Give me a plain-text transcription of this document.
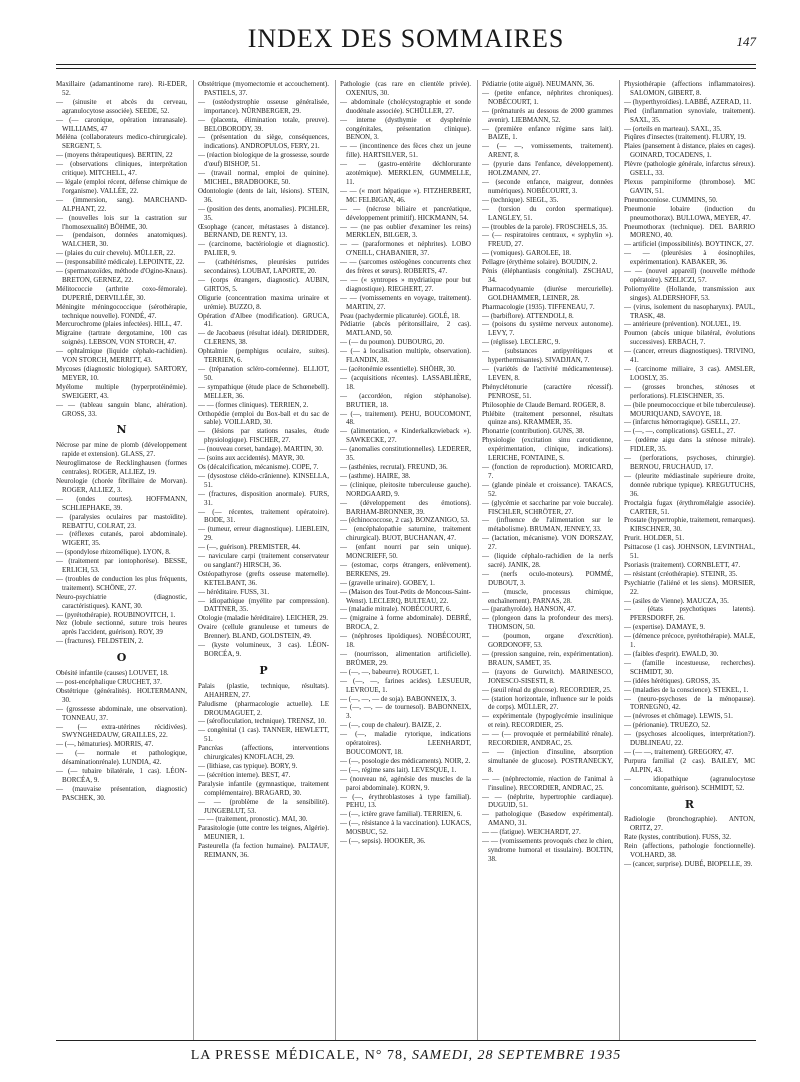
INDEX DES SOMMAIRES	147

Maxillaire (adamantinome rare). Ri-EDER, 52.

— (sinusite et abcès du cerveau, agranulocytose associée). SEEDE, 52.

— (— caronique, opération intranasale). WILLIAMS, 47

Méléna (collaborateurs medico-chirurgicale). SERGENT, 5.

— (moyens thérapeutiques). BERTIN, 22

— (observations cliniques, interprétation critique). MITCHELL, 47.

— légale (emploi récent, défense chimique de l'organisme). VALLÉE, 22.

— (immersion, sang). MARCHAND-ALPHANT, 22.

— (nouvelles lois sur la castration sur l'homosexualité) BÖHME, 30.

— (pendaison, données anatomiques). WALCHER, 30.

— (plaies du cuir chevelu). MÜLLER, 22.

— (responsabilité médicale). LEPOINTE, 22.

— (spermatozoïdes, méthode d'Ogino-Knaus). BRETON, GERNEZ, 22.

Mélitococcie (arthrite coxo-fémorale). DUPERIÉ, DERVILLÉE, 30.

Méningite méningococcique (sérothérapie, technique nouvelle). FONDÉ, 47.

Mercurochrome (plaies infectées). HILL, 47.

Migraine (tartrate dergotamine, 100 cas soignés). LEBSON, VON STORCH, 47.

— ophtalmique (liquide céphalo-rachidien). VON STORCH, MERRITT, 43.

Mycoses (diagnostic biologique). SARTORY, MEYER, 10.

Myélome multiple (hyperprotéinémie). SWEIGERT, 43.

— — (tableau sanguin blanc, altération). GROSS, 33.

N

Nécrose par mine de plomb (développement rapide et extension). GLASS, 27.

Neuroglimatose de Recklinghausen (formes centrales). ROGER, ALLIEZ, 19.

Neurologie (chorée fibrillaire de Morvan). ROGER, ALLIEZ, 3.

— (ondes courtes). HOFFMANN, SCHLIEPHAKE, 39.

— (paralysies oculaires par mastoïdite). REBATTU, COLRAT, 23.

— (réflexes cutanés, paroi abdominale). WIGERT, 35.

— (spondylose rhizomélique). LYON, 8.

— (traitement par iontophorèse). BESSE, ERLICH, 53.

— (troubles de conduction les plus fréquents, traitement). SCHÖNE, 27.

Neuro-psychiatrie (diagnostic, caractéristiques). KANT, 30.

— (pyrétothérapie). ROUBINOVITCH, 1.

Nez (lobule sectionné, suture trois heures après l'accident, guérison). ROY, 39

— (fractures). FELDSTEIN, 2.

O

Obésité infantile (causes) LOUVET, 18.

— post-encéphalique CRUCHET, 37.

Obstétrique (généralités). HOLTERMANN, 30.

— (grossesse abdominale, une observation). TONNEAU, 37.

— (— extra-utérines récidivées). SWYNGHEDAUW, GRAILLES, 22.

— (—, hématuries). MORRIS, 47.

— (— normale et pathologique, désaminationrénale). LUNDIA, 42.

— (— tubaire bilatérale, 1 cas). LÉON-BORCÉA, 9.

— (mauvaise présentation, diagnostic) PASCHEK, 30.

Obstétrique (myomectomie et accouchement). PASTIELS, 37.

— (ostéodystrophie osseuse généralisée, importance). NÜRNBERGER, 29.

— (placenta, élimination totale, preuve). BELOBORODY, 39.

— (présentation du siège, conséquences, indications). ANDROPULOS, FERY, 21.

— (réaction biologique de la grossesse, sourde d'œuf) BISHOP, 51.

— (travail normal, emploi de quinine). MICHEL, BRADBOOKE, 50.

Odontologie (dents de lait, lésions). STEIN, 36.

— (position des dents, anomalies). PICHLER, 35.

Œsophage (cancer, métastases à distance). BERNAND, DE RENTY, 13.

— (carcinome, bactériologie et diagnostic). PALIER, 9.

— (cathétérismes, pleurésies putrides secondaires). LOUBAT, LAPORTE, 20.

— (corps étrangers, diagnostic). AUBIN, GIRTOS, 5.

Oligurie (concentration maxima urinaire et urémie). BUZZO, 8.

Opération d'Albee (modification). GRUCA, 41.

— de Jacobaeus (résultat idéal). DERIDDER, CLERENS, 38.

Ophtalmie (pemphigus oculaire, suites). TERRIEN, 6.

— (trépanation scléro-cornéenne). ELLIOT, 50.

— sympathique (étude place de Schœnebell). MELLER, 36.

— — (formes cliniques). TERRIEN, 2.

Orthopédie (emploi du Box-ball et du sac de sable). VOILLARD, 30.

— (lésions par stations nasales, étude physiologique). FISCHER, 27.

— (nouveau corset, bandage). MARTIN, 30.

— (soins aux accidentés). MAYR, 30.

Os (décalcification, mécanisme). COPE, 7.

— (dysostose cléido-crânienne). KINSELLA, 51.

— (fractures, disposition anormale). FURS, 31.

— (— récentes, traitement opératoire). BODE, 31.

— (tumeur, erreur diagnostique). LIEBLEIN, 29.

— (—, guérison). PREMISTER, 44.

— naviculare carpi (traitement conservateur ou sanglant?) HIRSCH, 36.

Ostéopathyrose (grefts osseuse maternelle). KETELBANT, 36.

— héréditaire. FUSS, 31.

— idiopathique (myélite par compression). DATTNER, 35.

Otologie (maladie héréditaire). LEICHER, 29.

Ovaire (cellule granuleuse et tumeurs de Brenner). BLAND, GOLDSTEIN, 49.

— (kyste volumineux, 3 cas). LÉON-BORCÉA, 9.

P

Palais (plastie, technique, résultats). AHAHREN, 27.

Paludisme (pharmacologie actuelle). LE DROUMAGUET, 2.

— (sérofloculation, technique). TRENSZ, 10.

— congénital (1 cas). TANNER, HEWLETT, 51.

Pancréas (affections, interventions chirurgicales) KNOFLACH, 29.

— (lithiase, cas typique). BORY, 9.

— (sécrétion interne). BEST, 47.

Paralysie infantile (gymnastique, traitement complémentaire). BRAGARD, 30.

— — (problème de la sensibilité). JUNGEBLUT, 53.

— — (traitement, pronostic). MAI, 30.

Parasitologie (utte contre les teignes, Algérie). MEUNIER, 1.

Pasteurella (fa fection humaine). PALTAUF, REIMANN, 36.

Pathologie (cas rare en clientèle privée). OXENIUS, 30.

— abdominale (cholécystographie et sonde duodénale associée). SCHÜLLER, 27.

— interne (dysthymie et dysphrénie congénitales, présentation clinique). BENON, 3.

— — (incontinence des fèces chez un jeune fille). HARTSILVER, 51.

— — (gastro-entérite déchlorurante azotémique). MERKLEN, GUMMELLE, 11.

— — (« mort hépatique »). FITZHERBERT, MC FELBIGAN, 46.

— — (nécrose biliaire et pancréatique, développement primitif). HICKMANN, 54.

— — (ne pas oublier d'examiner les reins) MERKLEN, BILGER, 3.

— — (paraformones et néphrites). LOBO O'NEILL, CHABANIER, 37.

— — (sarcomes ostéogènes concurrents chez des frères et sœurs). ROBERTS, 47.

— — (« syntropes » mydriatique pour but diagnostique). RIEGHERT, 27.

— — (vomissements en voyage, traitement). MARTIN, 27.

Peau (pachydermie plicaturée). GOLÉ, 18.

Pédiatrie (abcès péritonsillaire, 2 cas). MATLAND, 50.

— (— du poumon). DUBOURG, 20.

— (— à localisation multiple, observation). FLANDIN, 38.

— (acétonémie essentielle). SHÖHR, 30.

— (acquisitions récentes). LASSABLIÈRE, 18.

— (accordéon, région stéphanoïse). BRUTIER, 18.

— (—, traitement). PEHU, BOUCOMONT, 48.

— (alimentation, « Kinderkalkzwieback »). SAWKECKE, 27.

— (anomalies constitutionnelles). LEDERER, 35.

— (asthénies, recrutal). FREUND, 36.

— (asthme). HAIRE, 38.

— (clinique, pleitosite tuberculeuse gauche). NORDGAARD, 9.

— (développement des émotions). BARHAM-BRONNER, 39.

— (échinococcose, 2 cas). BONZANIGO, 53.

— (encéphalopathie saturnine, traitement chirurgical). BUOT, BUCHANAN, 47.

— (enfant nourri par sein unique). MONCRIEFF, 50.

— (estomac, corps étrangers, enlèvement). BERKENS, 29.

— (gravelle urinaire). GOBEY, 1.

— (Maison des Tout-Petits de Moncous-Saint-Wenst). LECLERQ, BULTEAU, 22.

— (maladie mitrale). NOBÉCOURT, 6.

— (migraine à forme abdominale). DEBRÉ, BROCA, 2.

— (néphroses lipoïdiques). NOBÉCOURT, 18.

— (nourrisson, alimentation artificielle). BRÜMER, 29.

— (—, —, babeurre). ROUGET, 1.

— (—, —, farines acides). LESUEUR, LEVROUE, 1.

— (—, —, — de soja). BABONNEIX, 3.

— (—, —, — de tournesol). BABONNEIX, 3.

— (—, coup de chaleur). BAIZE, 2.

— (—, maladie rytorique, indications opératoires). LEENHARDT, BOUCOMONT, 18.

— (—, posologie des médicaments). NOIR, 2.

— (—, régime sans lait). LEVESQUE, 1.

— (nouveau né, agénésie des muscles de la paroi abdominale). KORN, 9.

— (—, érythroblastoses à type familial). PEHU, 13.

— (—, ictère grave familial). TERRIEN, 6.

— (—, résistance à la vaccination). LUKACS, MOSBUC, 52.

— (—, sepsis). HOOKER, 36.

Pédiatrie (otite aiguë). NEUMANN, 36.

— (petite enfance, néphrites chroniques). NOBÉCOURT, 1.

— (prématurés au dessous de 2000 grammes avenir). LIEBMANN, 52.

— (première enfance régime sans lait). BAIZE, 1.

— (— —, vomissements, traitement). ARENT, 8.

— (pyurie dans l'enfance, développement). HOLZMANN, 27.

— (seconde enfance, maigreur, données numériques). NOBÉCOURT, 3.

— (technique). SIEGL, 35.

— (torsion du cordon spermatique). LANGLEY, 51.

— (troubles de la parole). FROSCHELS, 35.

— (— respiratoires centraux, « syphylin »). FREUD, 27.

— (vomiques). GAROLEE, 18.

Pellagre (érythème solaire). BOUDIN, 2.

Pénis (éléphantiasis congénital). ZSCHAU, 34.

Pharmacodynamie (diurèse mercurielle). GOLDHAMMER, LEINER, 28.

Pharmacologie (1935). TIFFENEAU, 7.

— (barbiflore). ATTENDOLI, 8.

— (poisons du système nerveux autonome). LEVY, 7.

— (réglisse). LECLERC, 9.

— (substances antipyrétiques et hyperthermisantes). SIVADJIAN, 7.

— (variétés de l'activité médicamenteuse). LEVEN, 8.

Phényclétonurie (caractère récessif). PENROSE, 51.

Philosophie de Claude Bernard. ROGER, 8.

Phlébite (traitement personnel, résultats quinze ans). KRAMMER, 35.

Phonatrie (contribution). GUNS, 38.

Physiologie (excitation sinu carotidienne, expérimentation, clinique, indications). LERICHE, FONTAINE, S.

— (fonction de reproduction). MORICARD, 7.

— (glande pinéale et croissance). TAKACS, 52.

— (glycémie et saccharine par voie buccale). FISCHLER, SCHRÖTER, 27.

— (influence de l'alimentation sur le métabolisme). BRUMAN, JENNEY, 33.

— (lactation, mécanisme). VON DORSZAY, 27.

— (liquide céphalo-rachidien de la nerfs sacré). JANIK, 28.

— (nerfs oculo-moteurs). POMMÉ, DUBOUT, 3.

— (muscle, processus chimique, enchaînement). PARNAS, 28.

— (parathyroïde). HANSON, 47.

— (plongeon dans la profondeur des mers). THOMSON, 50.

— (poumon, organe d'excrétion). GORDONOFF, 53.

— (pression sanguine, rein, expérimentation). BRAUN, SAMET, 35.

— (rayons de Gurwitch). MARINESCO, JONESCO-SISESTI, 8.

— (seuil rénal du glucose). RECORDIER, 25.

— (station horizontale, influence sur le poids de corps). MÜLLER, 27.

— expérimentale (hypoglycémie insulinique et rein). RECORDIER, 25.

— — (— provoquée et perméabilité rénale). RECORDIER, ANDRAC, 25.

— — (injection d'insuline, absorption simultanée de glucose). POSTRANECKY, 8.

— — (néphrectomie, réaction de l'animal à l'insuline). RECORDIER, ANDRAC, 25.

— — (néphrite, hypertrophie cardiaque). DUGUID, 51.

— pathologique (Basedow expérimental). AMANO, 31.

— — (fatigue). WEICHARDT, 27.

— — (vomissements provoqués chez le chien, syndrome humoral et tissulaire). BOLTIN, 38.

Physiothérapie (affections inflammatoires). SALOMON, GIBERT, 8.

— (hyperthyroïdies). LABBÉ, AZERAD, 11.

Pied (inflammation synoviale, traitement). SAXL, 35.

— (orteils en marteau). SAXL, 35.

Piqûres d'insectes (traitement). FLURY, 19.

Plaies (pansement à distance, plaies en cages). GOINARD, TOCADENS, 1.

Plèvre (pathologie générale, infarctus séreux). GSELL, 33.

Plexus pampiniforme (thrombose). MC GAVIN, 51.

Pneumoconiose. CUMMINS, 50.

Pneumonie lobaire (induction du pneumothorax). BULLOWA, MEYER, 47.

Pneumothorax (technique). DEL BARRIO MORENO, 40.

— artificiel (impossibilités). BOYTINCK, 27.

— — (pleurésies à éosinophiles, expérimentation). KABAKER, 36.

— — (nouvel appareil) (nouvelle méthode opératoire). SZELICZI, 57.

Poliomyélite (Hollande, transmission aux singes). ALDERSHOFF, 53.

— (virus, isolement du nasopharynx). PAUL, TRASK, 48.

— antérieure (prévention). NOLUEL, 19.

Poumon (abcès unique bilatéral, évolutions successives). ERBACH, 7.

— (cancer, erreurs diagnostiques). TRIVINO, 41.

— (carcinome miliaire, 3 cas). AMSLER, LOOSLY, 35.

— (grosses bronches, sténoses et perforations). FLEISCHNER, 35.

— (bile pneumococcique et bile tuberculeuse). MOURIQUAND, SAVOYE, 18.

— (infarctus hémorragique). GSELL, 27.

— (—, —, complications). GSELL, 27.

— (œdème aigu dans la sténose mitrale). FIDLER, 35.

— (perforations, psychoses, chirurgie). BERNOU, FRUCHAUD, 17.

— (pleurite médiastinale supérieure droite, donnée rubrique typique). KREGUTUCHS, 36.

Proctalgia fugax (érythromélalgie associée). CARTER, 51.

Prostate (hypertrophie, traitement, remarques). KIRSCHNER, 30.

Prurit. HOLDER, 51.

Psittacose (1 cas). JOHNSON, LEVINTHAL, 51.

Psoriasis (traitement). CORNBLETT, 47.

— résistant (créothérapie). STEINR, 35.

Psychiatrie (l'aliéné et les siens). MORSIER, 22.

— (asiles de Vienne). MAUCZA, 35.

— (états psychotiques latents). PFERSDORFF, 26.

— (expertise). DAMAYE, 9.

— (démence précoce, pyrétothérapie). MALE, 1.

— (faibles d'esprit). EWALD, 30.

— (famille incestueuse, recherches). SCHMIDT, 30.

— (idées hérétiques). GROSS, 35.

— (maladies de la conscience). STEKEL, 1.

— (neuro-psychoses de la ménopause). TORNEGNO, 42.

— (névroses et chômage). LEWIS, 51.

— (périonanie). TRUEZO, 52.

— (psychoses alcooliques, interprétation?). DUBLINEAU, 22.

— (— —, traitement). GREGORY, 47.

Purpura familial (2 cas). BAILEY, MC ALPIN, 43.

— idiopathique (agranulocytose concomitante, guérison). SCHMIDT, 52.

R

Radiologie (bronchographie). ANTON, ORITZ, 27.

Rate (kystes, contribution). FUSS, 32.

Rein (affections, pathologie fonctionnelle). VOLHARD, 38.

— (cancer, surprise). DUBÉ, BIOPELLE, 39.

LA PRESSE MÉDICALE, N° 78, SAMEDI, 28 SEPTEMBRE 1935
